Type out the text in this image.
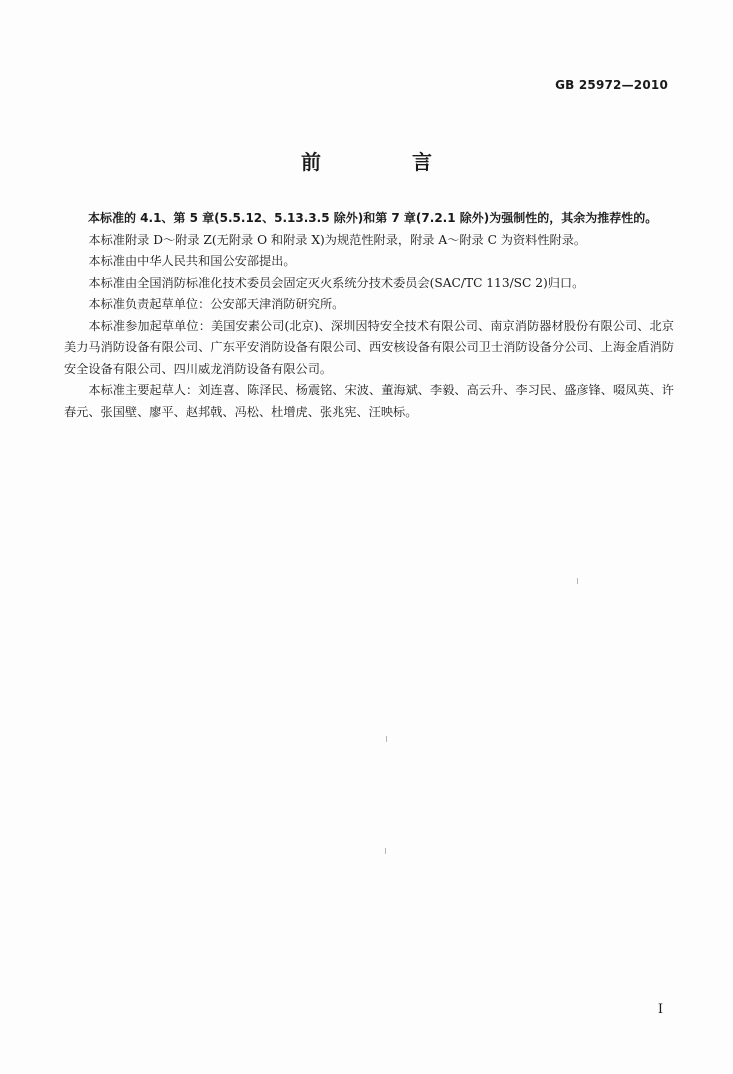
GB 25972—2010
前 言

本标准的 4.1、第 5 章(5.5.12、5.13.3.5 除外)和第 7 章(7.2.1 除外)为强制性的，其余为推荐性的。

本标准附录 D～附录 Z(无附录 O 和附录 X)为规范性附录，附录 A～附录 C 为资料性附录。

本标准由中华人民共和国公安部提出。

本标准由全国消防标准化技术委员会固定灭火系统分技术委员会(SAC/TC 113/SC 2)归口。

本标准负责起草单位：公安部天津消防研究所。

本标准参加起草单位：美国安素公司(北京)、深圳因特安全技术有限公司、南京消防器材股份有限公司、北京美力马消防设备有限公司、广东平安消防设备有限公司、西安核设备有限公司卫士消防设备分公司、上海金盾消防安全设备有限公司、四川威龙消防设备有限公司。

本标准主要起草人：刘连喜、陈泽民、杨震铭、宋波、董海斌、李毅、高云升、李习民、盛彦锋、啜凤英、许春元、张国壁、廖平、赵邦戟、冯松、杜增虎、张兆宪、汪映标。

I
